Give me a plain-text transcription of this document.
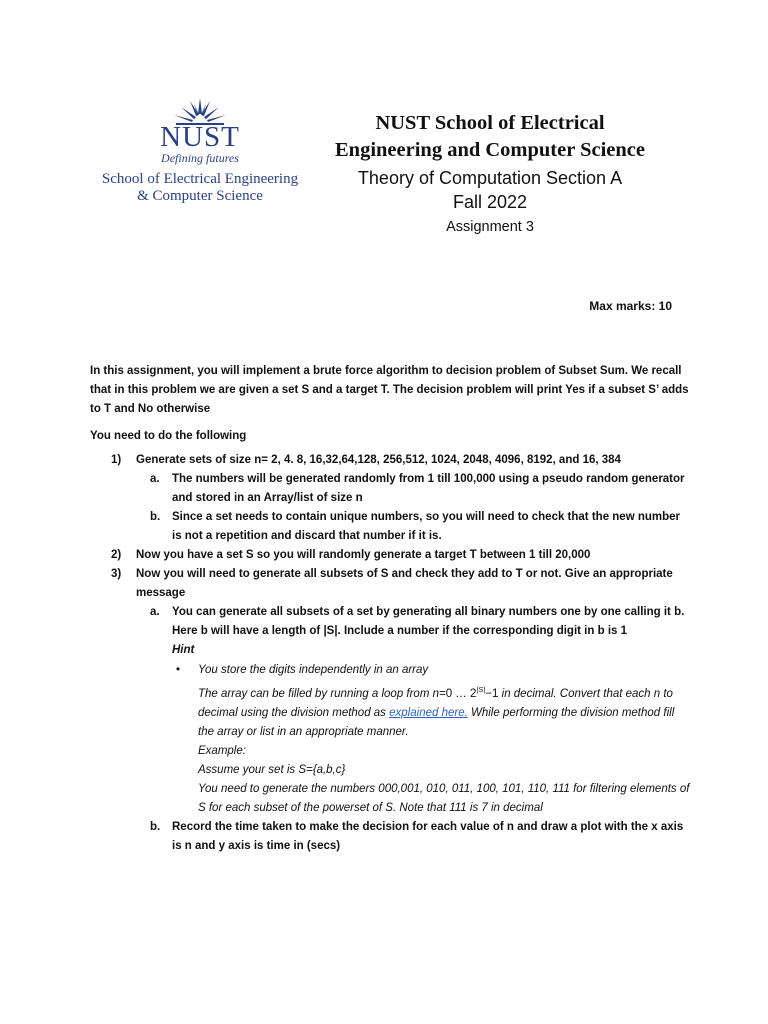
NUST
Defining futures
School of Electrical Engineering
& Computer Science
NUST School of Electrical
Engineering and Computer Science
Theory of Computation Section A
Fall 2022
Assignment 3
Max marks: 10

In this assignment, you will implement a brute force algorithm to decision problem of Subset Sum. We recall that in this problem we are given a set S and a target T. The decision problem will print Yes if a subset S’ adds to T and No otherwise

You need to do the following

1) Generate sets of size n= 2, 4. 8, 16,32,64,128, 256,512, 1024, 2048, 4096, 8192, and 16, 384
a. The numbers will be generated randomly from 1 till 100,000 using a pseudo random generator and stored in an Array/list of size n
b. Since a set needs to contain unique numbers, so you will need to check that the new number is not a repetition and discard that number if it is.
2) Now you have a set S so you will randomly generate a target T between 1 till 20,000
3) Now you will need to generate all subsets of S and check they add to T or not. Give an appropriate message
a. You can generate all subsets of a set by generating all binary numbers one by one calling it b. Here b will have a length of |S|. Include a number if the corresponding digit in b is 1
Hint
• You store the digits independently in an array
The array can be filled by running a loop from n=0 … $2^{|S|}-1$ in decimal. Convert that each n to decimal using the division method as explained here. While performing the division method fill the array or list in an appropriate manner.
Example:
Assume your set is S={a,b,c}
You need to generate the numbers 000,001, 010, 011, 100, 101, 110, 111 for filtering elements of S for each subset of the powerset of S. Note that 111 is 7 in decimal
b. Record the time taken to make the decision for each value of n and draw a plot with the x axis is n and y axis is time in (secs)
